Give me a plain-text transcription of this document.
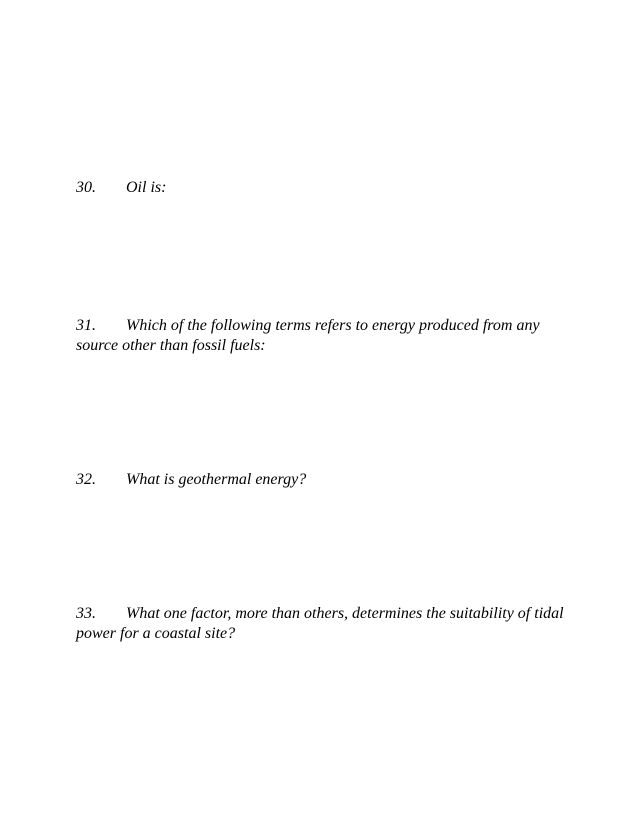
30. Oil is:

31. Which of the following terms refers to energy produced from any source other than fossil fuels:

32. What is geothermal energy?

33. What one factor, more than others, determines the suitability of tidal power for a coastal site?
